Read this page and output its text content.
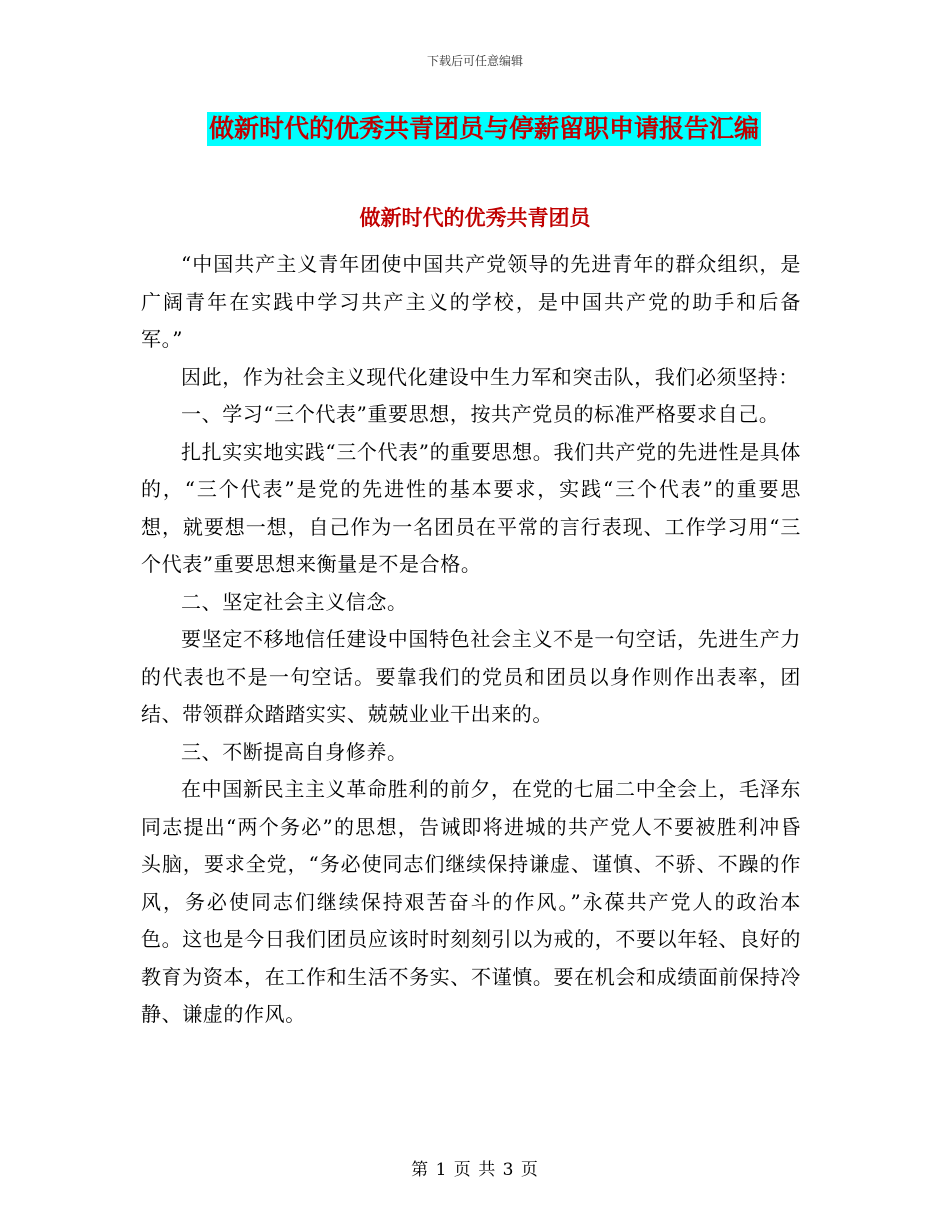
下载后可任意编辑
做新时代的优秀共青团员与停薪留职申请报告汇编
做新时代的优秀共青团员

“中国共产主义青年团使中国共产党领导的先进青年的群众组织，是广阔青年在实践中学习共产主义的学校，是中国共产党的助手和后备军。”

因此，作为社会主义现代化建设中生力军和突击队，我们必须坚持：

一、学习“三个代表”重要思想，按共产党员的标准严格要求自己。

扎扎实实地实践“三个代表”的重要思想。我们共产党的先进性是具体的，“三个代表”是党的先进性的基本要求，实践“三个代表”的重要思想，就要想一想，自己作为一名团员在平常的言行表现、工作学习用“三个代表”重要思想来衡量是不是合格。

二、坚定社会主义信念。

要坚定不移地信任建设中国特色社会主义不是一句空话，先进生产力的代表也不是一句空话。要靠我们的党员和团员以身作则作出表率，团结、带领群众踏踏实实、兢兢业业干出来的。

三、不断提高自身修养。

在中国新民主主义革命胜利的前夕，在党的七届二中全会上，毛泽东同志提出“两个务必”的思想，告诫即将进城的共产党人不要被胜利冲昏头脑，要求全党，“务必使同志们继续保持谦虚、谨慎、不骄、不躁的作风，务必使同志们继续保持艰苦奋斗的作风。”永葆共产党人的政治本色。这也是今日我们团员应该时时刻刻引以为戒的，不要以年轻、良好的教育为资本，在工作和生活不务实、不谨慎。要在机会和成绩面前保持冷静、谦虚的作风。

第 1 页 共 3 页
